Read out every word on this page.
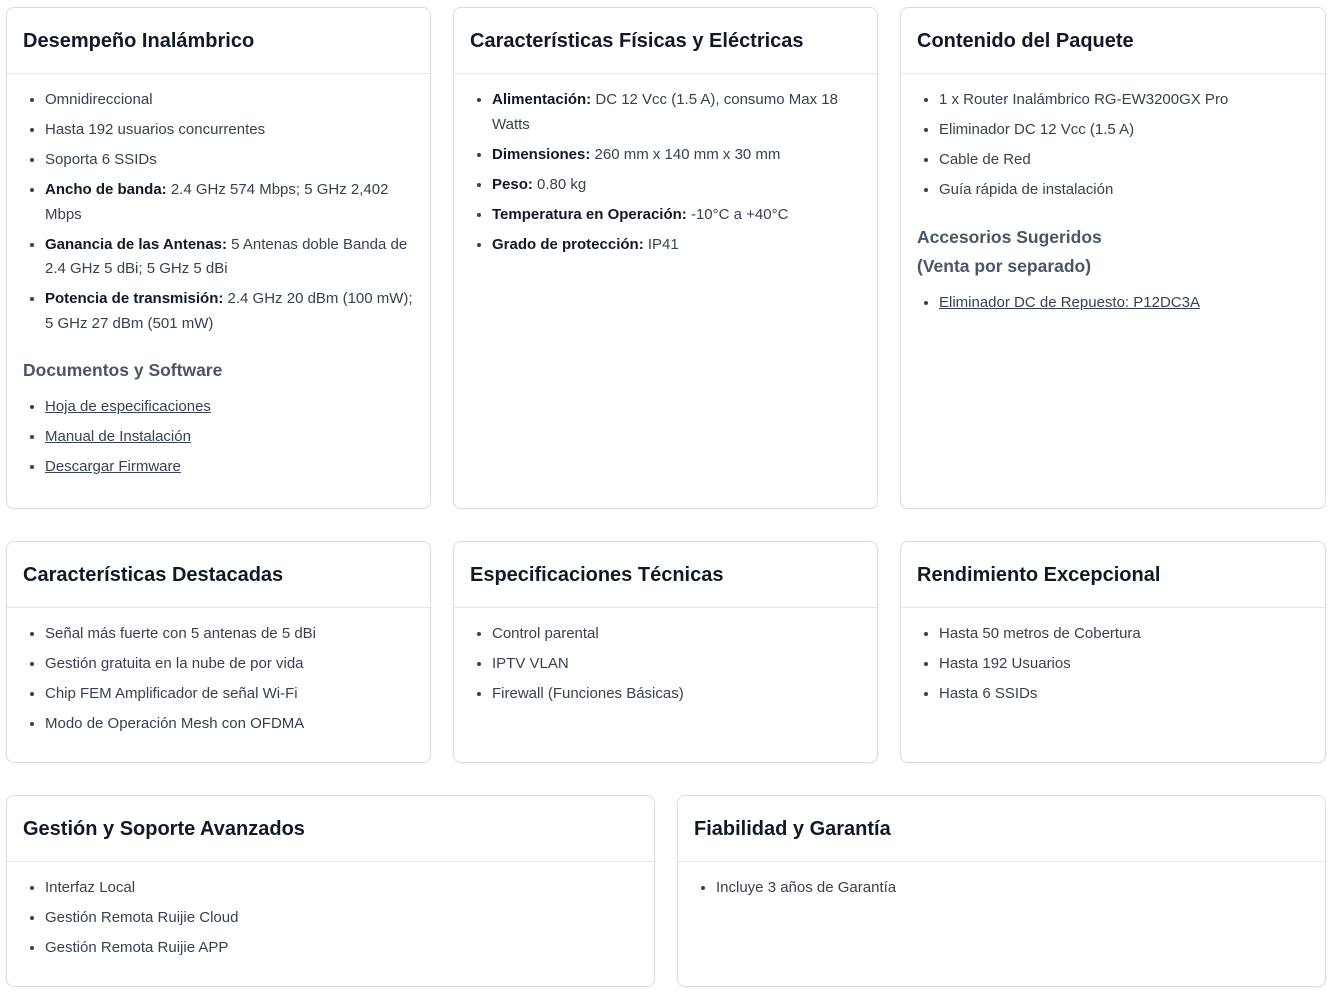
Desempeño Inalámbrico
• Omnidireccional
• Hasta 192 usuarios concurrentes
• Soporta 6 SSIDs
• Ancho de banda: 2.4 GHz 574 Mbps; 5 GHz 2,402 Mbps
• Ganancia de las Antenas: 5 Antenas doble Banda de 2.4 GHz 5 dBi; 5 GHz 5 dBi
• Potencia de transmisión: 2.4 GHz 20 dBm (100 mW); 5 GHz 27 dBm (501 mW)
Documentos y Software
• Hoja de especificaciones
• Manual de Instalación
• Descargar Firmware
Características Físicas y Eléctricas
• Alimentación: DC 12 Vcc (1.5 A), consumo Max 18 Watts
• Dimensiones: 260 mm x 140 mm x 30 mm
• Peso: 0.80 kg
• Temperatura en Operación: -10°C a +40°C
• Grado de protección: IP41
Contenido del Paquete
• 1 x Router Inalámbrico RG-EW3200GX Pro
• Eliminador DC 12 Vcc (1.5 A)
• Cable de Red
• Guía rápida de instalación
Accesorios Sugeridos
(Venta por separado)
• Eliminador DC de Repuesto: P12DC3A
Características Destacadas
• Señal más fuerte con 5 antenas de 5 dBi
• Gestión gratuita en la nube de por vida
• Chip FEM Amplificador de señal Wi-Fi
• Modo de Operación Mesh con OFDMA
Especificaciones Técnicas
• Control parental
• IPTV VLAN
• Firewall (Funciones Básicas)
Rendimiento Excepcional
• Hasta 50 metros de Cobertura
• Hasta 192 Usuarios
• Hasta 6 SSIDs
Gestión y Soporte Avanzados
• Interfaz Local
• Gestión Remota Ruijie Cloud
• Gestión Remota Ruijie APP
Fiabilidad y Garantía
• Incluye 3 años de Garantía
